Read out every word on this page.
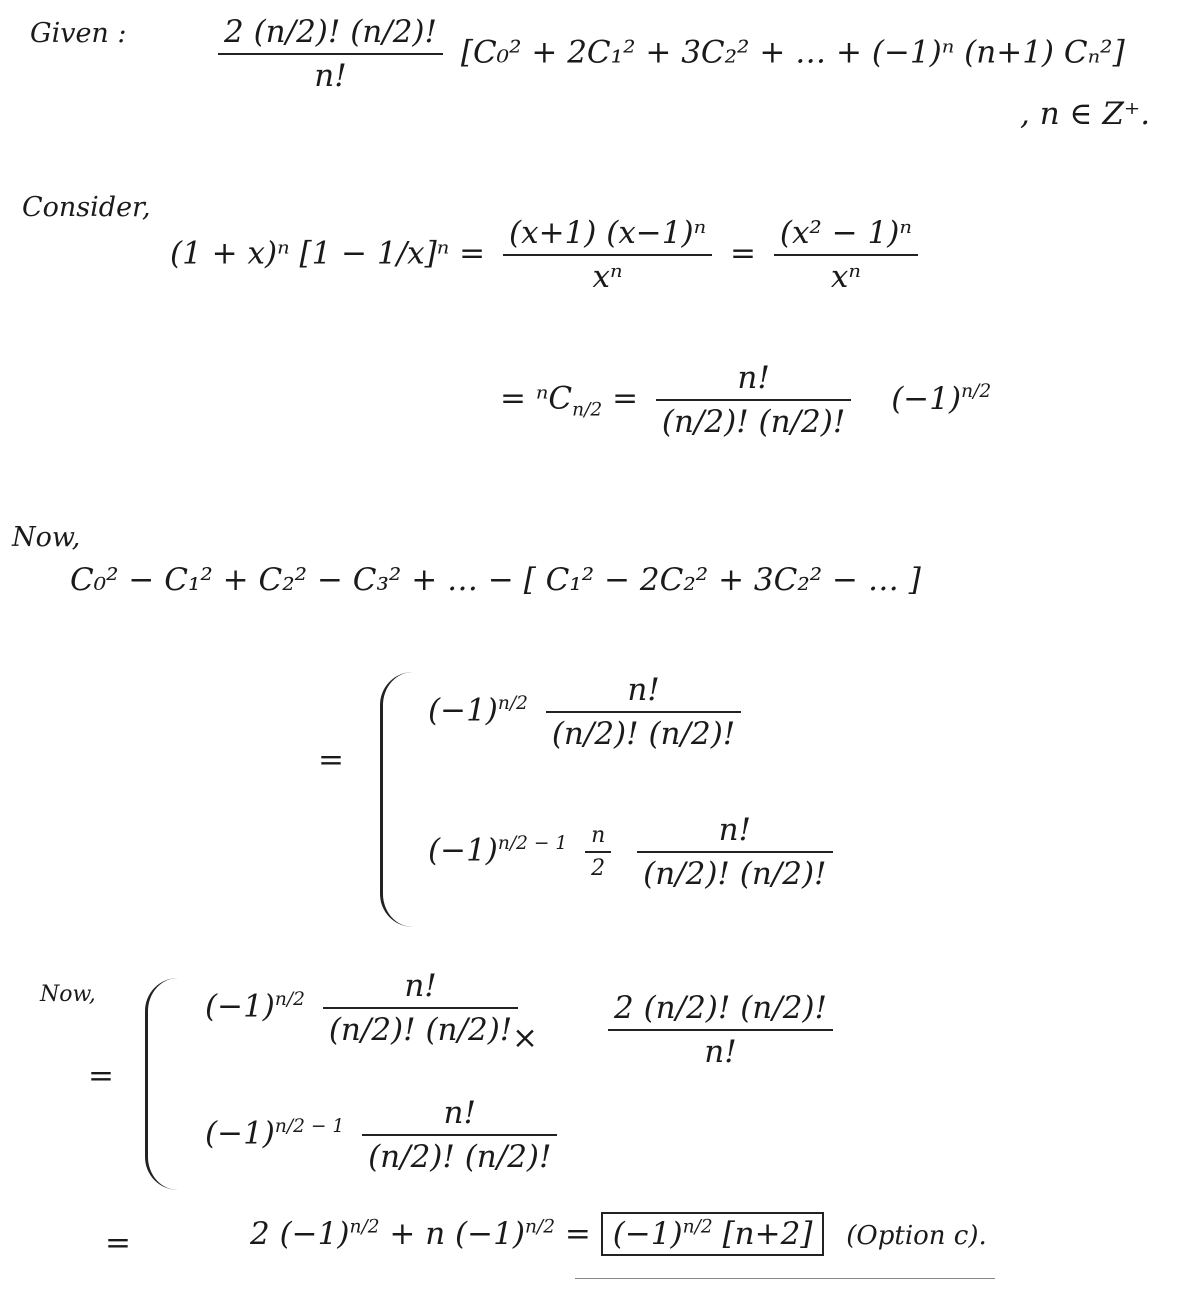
Given :	$\frac{2 (n/2)! (n/2)!}{n!} [C_0^2 + 2C_1^2 + 3C_2^2$ + … + (−1)ⁿ (n+1) Cₙ²]
, n ∈ Z⁺.
Consider,
(1 + x)ⁿ $[1 - 1/x]^n = \frac{\text{(x+1) (x−1)ⁿ}}{\text{xⁿ}} = \frac{\text{(x² − 1)ⁿ}}{\text{xⁿ}}$
= $^nC_{n/2} = \frac{n!}{(n/2)! (n/2)!} (-1)^{n/2}$
Now,
C₀² − C₁² + C₂² − C₃² + … − [ C₁² − 2C₂² + 3C₂² − … ]
=
$(-1)^{n/2} \frac{n!}{(n/2)! (n/2)!}$
$(-1)^{n/2 - 1} \frac{n}{2}$
$\frac{n!}{(n/2)! (n/2)!}$
Now,
=
$(-1)^{n/2} \frac{n!}{(n/2)! (n/2)!}$
× $\frac{2 (n/2)! (n/2)!}{n!}$
$(-1)^{n/2 - 1} \frac{n!}{(n/2)! (n/2)!}$
=	2 $(-1)^{n/2} + n$ $(-1)^{n/2} = (-1)^{n/2}$ [n+2] (Option c).
